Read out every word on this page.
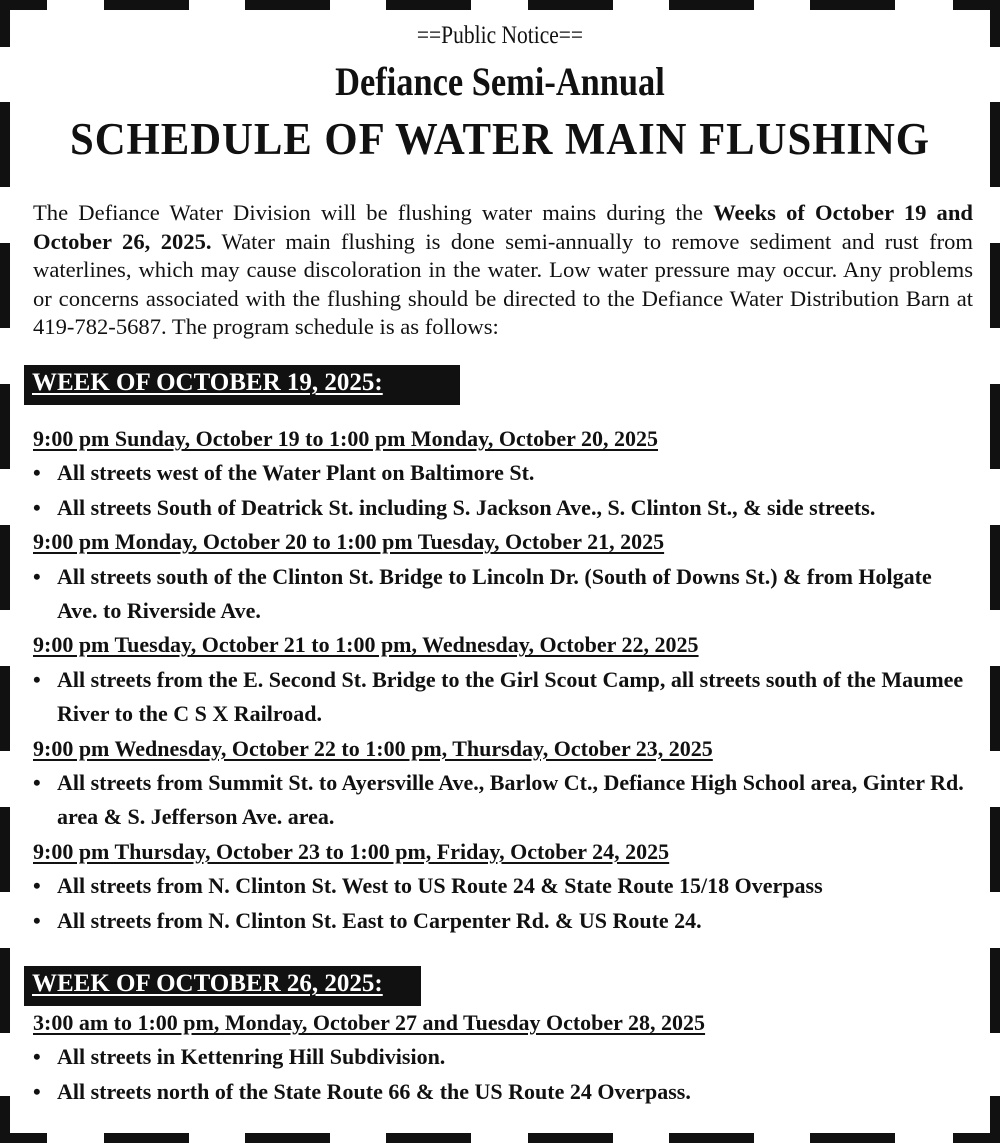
==Public Notice==
Defiance Semi-Annual
SCHEDULE OF WATER MAIN FLUSHING
The Defiance Water Division will be flushing water mains during the Weeks of October 19 and October 26, 2025. Water main flushing is done semi-annually to remove sediment and rust from waterlines, which may cause discoloration in the water. Low water pressure may occur. Any problems or concerns associated with the flushing should be directed to the Defiance Water Distribution Barn at 419-782-5687. The program schedule is as follows:
WEEK OF OCTOBER 19, 2025:
9:00 pm Sunday, October 19 to 1:00 pm Monday, October 20, 2025
• All streets west of the Water Plant on Baltimore St.
• All streets South of Deatrick St. including S. Jackson Ave., S. Clinton St., & side streets.
9:00 pm Monday, October 20 to 1:00 pm Tuesday, October 21, 2025
• All streets south of the Clinton St. Bridge to Lincoln Dr. (South of Downs St.) & from Holgate Ave. to Riverside Ave.
9:00 pm Tuesday, October 21 to 1:00 pm, Wednesday, October 22, 2025
• All streets from the E. Second St. Bridge to the Girl Scout Camp, all streets south of the Maumee River to the C S X Railroad.
9:00 pm Wednesday, October 22 to 1:00 pm, Thursday, October 23, 2025
• All streets from Summit St. to Ayersville Ave., Barlow Ct., Defiance High School area, Ginter Rd. area & S. Jefferson Ave. area.
9:00 pm Thursday, October 23 to 1:00 pm, Friday, October 24, 2025
• All streets from N. Clinton St. West to US Route 24 & State Route 15/18 Overpass
• All streets from N. Clinton St. East to Carpenter Rd. & US Route 24.
WEEK OF OCTOBER 26, 2025:
3:00 am to 1:00 pm, Monday, October 27 and Tuesday October 28, 2025
• All streets in Kettenring Hill Subdivision.
• All streets north of the State Route 66 & the US Route 24 Overpass.
